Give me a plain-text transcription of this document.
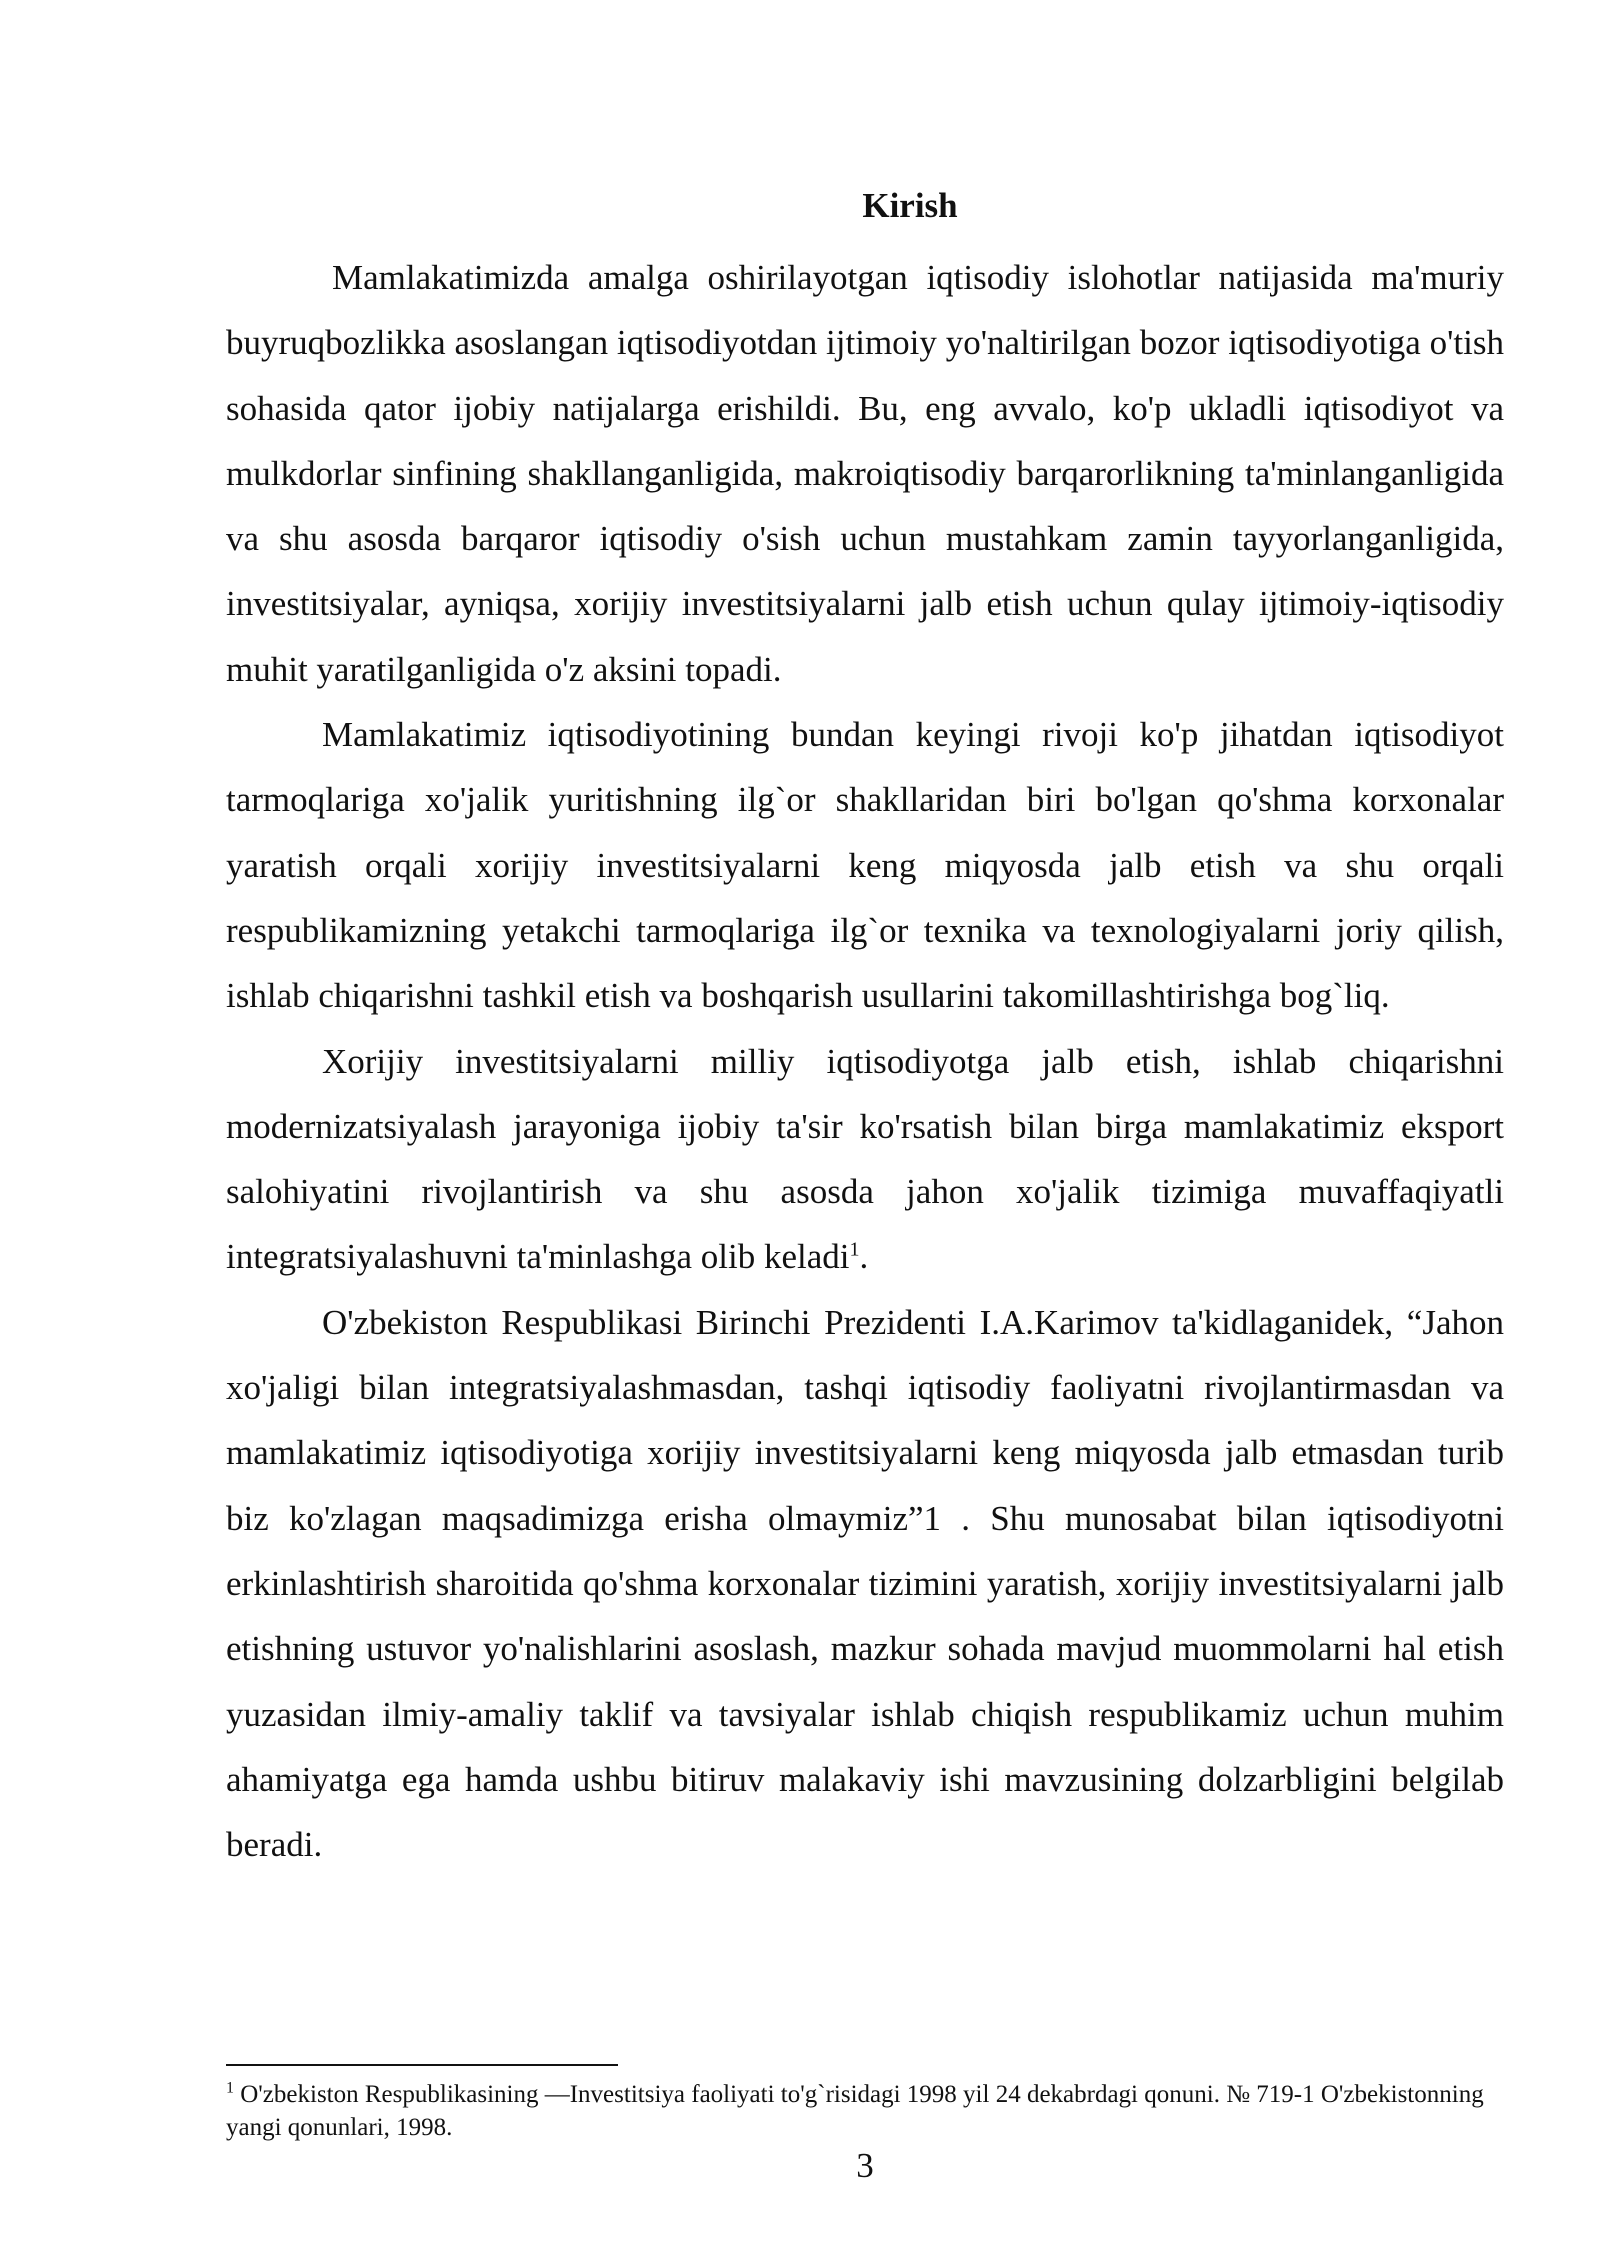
Kirish

Mamlakatimizda amalga oshirilayotgan iqtisodiy islohotlar natijasida ma'muriy buyruqbozlikka asoslangan iqtisodiyotdan ijtimoiy yo'naltirilgan bozor iqtisodiyotiga o'tish sohasida qator ijobiy natijalarga erishildi. Bu, eng avvalo, ko'p ukladli iqtisodiyot va mulkdorlar sinfining shakllanganligida, makroiqtisodiy barqarorlikning ta'minlanganligida va shu asosda barqaror iqtisodiy o'sish uchun mustahkam zamin tayyorlanganligida, investitsiyalar, ayniqsa, xorijiy investitsiyalarni jalb etish uchun qulay ijtimoiy-iqtisodiy muhit yaratilganligida o'z aksini topadi.

Mamlakatimiz iqtisodiyotining bundan keyingi rivoji ko'p jihatdan iqtisodiyot tarmoqlariga xo'jalik yuritishning ilg`or shakllaridan biri bo'lgan qo'shma korxonalar yaratish orqali xorijiy investitsiyalarni keng miqyosda jalb etish va shu orqali respublikamizning yetakchi tarmoqlariga ilg`or texnika va texnologiyalarni joriy qilish, ishlab chiqarishni tashkil etish va boshqarish usullarini takomillashtirishga bog`liq.

Xorijiy investitsiyalarni milliy iqtisodiyotga jalb etish, ishlab chiqarishni modernizatsiyalash jarayoniga ijobiy ta'sir ko'rsatish bilan birga mamlakatimiz eksport salohiyatini rivojlantirish va shu asosda jahon xo'jalik tizimiga muvaffaqiyatli integratsiyalashuvni ta'minlashga olib keladi$^1$.

O'zbekiston Respublikasi Birinchi Prezidenti I.A.Karimov ta'kidlaganidek, “Jahon xo'jaligi bilan integratsiyalashmasdan, tashqi iqtisodiy faoliyatni rivojlantirmasdan va mamlakatimiz iqtisodiyotiga xorijiy investitsiyalarni keng miqyosda jalb etmasdan turib biz ko'zlagan maqsadimizga erisha olmaymiz”1 . Shu munosabat bilan iqtisodiyotni erkinlashtirish sharoitida qo'shma korxonalar tizimini yaratish, xorijiy investitsiyalarni jalb etishning ustuvor yo'nalishlarini asoslash, mazkur sohada mavjud muommolarni hal etish yuzasidan ilmiy-amaliy taklif va tavsiyalar ishlab chiqish respublikamiz uchun muhim ahamiyatga ega hamda ushbu bitiruv malakaviy ishi mavzusining dolzarbligini belgilab beradi.

$^1$ O'zbekiston Respublikasining —Investitsiya faoliyati to'g`risidagi 1998 yil 24 dekabrdagi qonuni. № 719-1 O'zbekistonning yangi qonunlari, 1998.
3
